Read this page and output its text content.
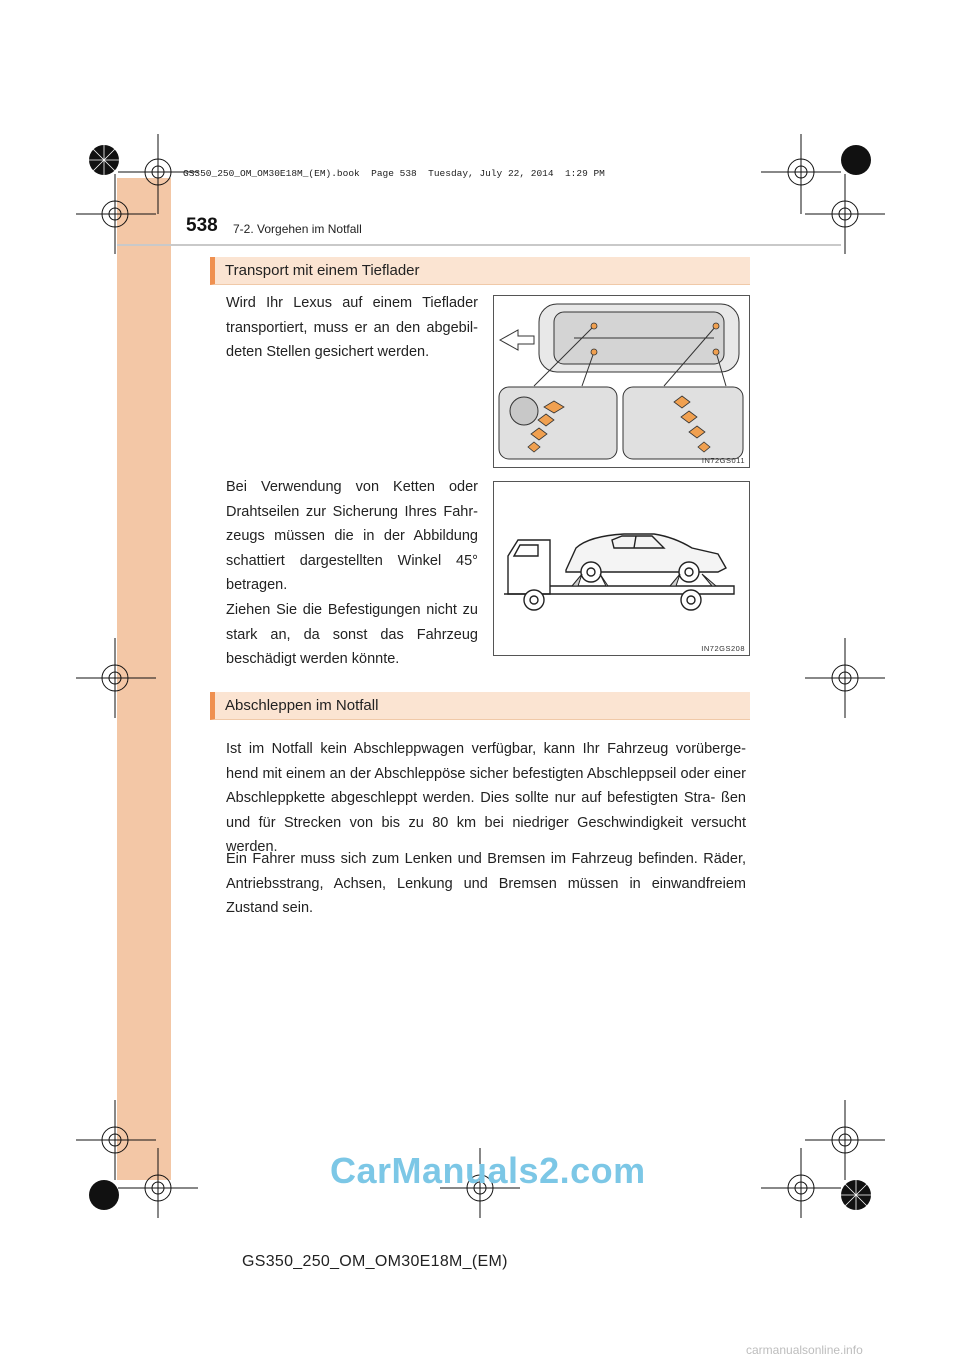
GS350_250_OM_OM30E18M_(EM).book  Page 538  Tuesday, July 22, 2014  1:29 PM
538 7-2. Vorgehen im Notfall
Transport mit einem Tieflader
Wird Ihr Lexus auf einem Tieflader transportiert, muss er an den abgebil- deten Stellen gesichert werden.
IN72GS011
Bei Verwendung von Ketten oder Drahtseilen zur Sicherung Ihres Fahr- zeugs müssen die in der Abbildung schattiert dargestellten Winkel 45° betragen.
Ziehen Sie die Befestigungen nicht zu stark an, da sonst das Fahrzeug beschädigt werden könnte.
IN72GS208
Abschleppen im Notfall
Ist im Notfall kein Abschleppwagen verfügbar, kann Ihr Fahrzeug vorüberge- hend mit einem an der Abschleppöse sicher befestigten Abschleppseil oder einer Abschleppkette abgeschleppt werden. Dies sollte nur auf befestigten Stra- ßen und für Strecken von bis zu 80 km bei niedriger Geschwindigkeit versucht werden.
Ein Fahrer muss sich zum Lenken und Bremsen im Fahrzeug befinden. Räder, Antriebsstrang, Achsen, Lenkung und Bremsen müssen in einwandfreiem Zustand sein.
CarManuals2.com
GS350_250_OM_OM30E18M_(EM)
carmanualsonline.info
